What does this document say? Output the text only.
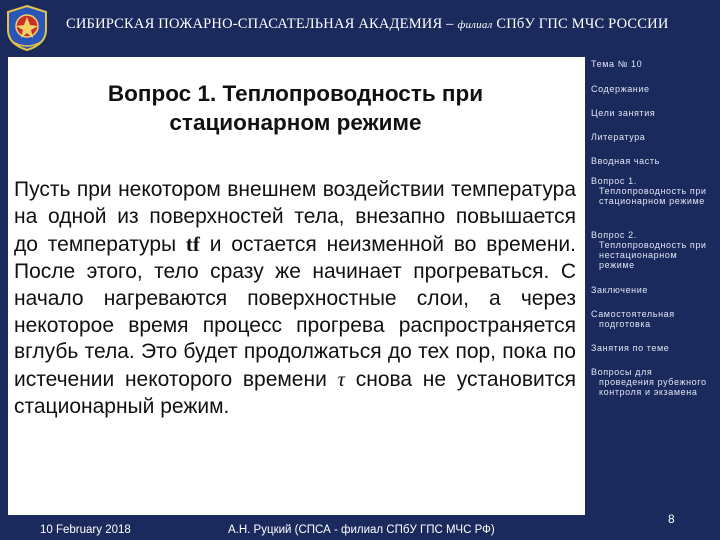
СИБИРСКАЯ ПОЖАРНО-СПАСАТЕЛЬНАЯ АКАДЕМИЯ – филиал СПбУ ГПС МЧС РОССИИ
Вопрос 1. Теплопроводность при стационарном режиме
Пусть при некотором внешнем воздействии температура на одной из поверхностей тела, внезапно повышается до температуры tf и остается неизменной во времени. После этого, тело сразу же начинает прогреваться. С начало нагреваются поверхностные слои, а через некоторое время процесс прогрева распространяется вглубь тела. Это будет продолжаться до тех пор, пока по истечении некоторого времени τ снова не установится стационарный режим.
Тема № 10
Содержание
Цели занятия
Литература
Вводная часть
Вопрос 1.
Теплопроводность при стационарном режиме
Вопрос 2.
Теплопроводность при нестационарном режиме
Заключение
Самостоятельная
подготовка
Занятия по теме
Вопросы для
проведения рубежного контроля и экзамена
10 February 2018	А.Н. Руцкий (СПСА - филиал СПбУ ГПС МЧС РФ)
8
